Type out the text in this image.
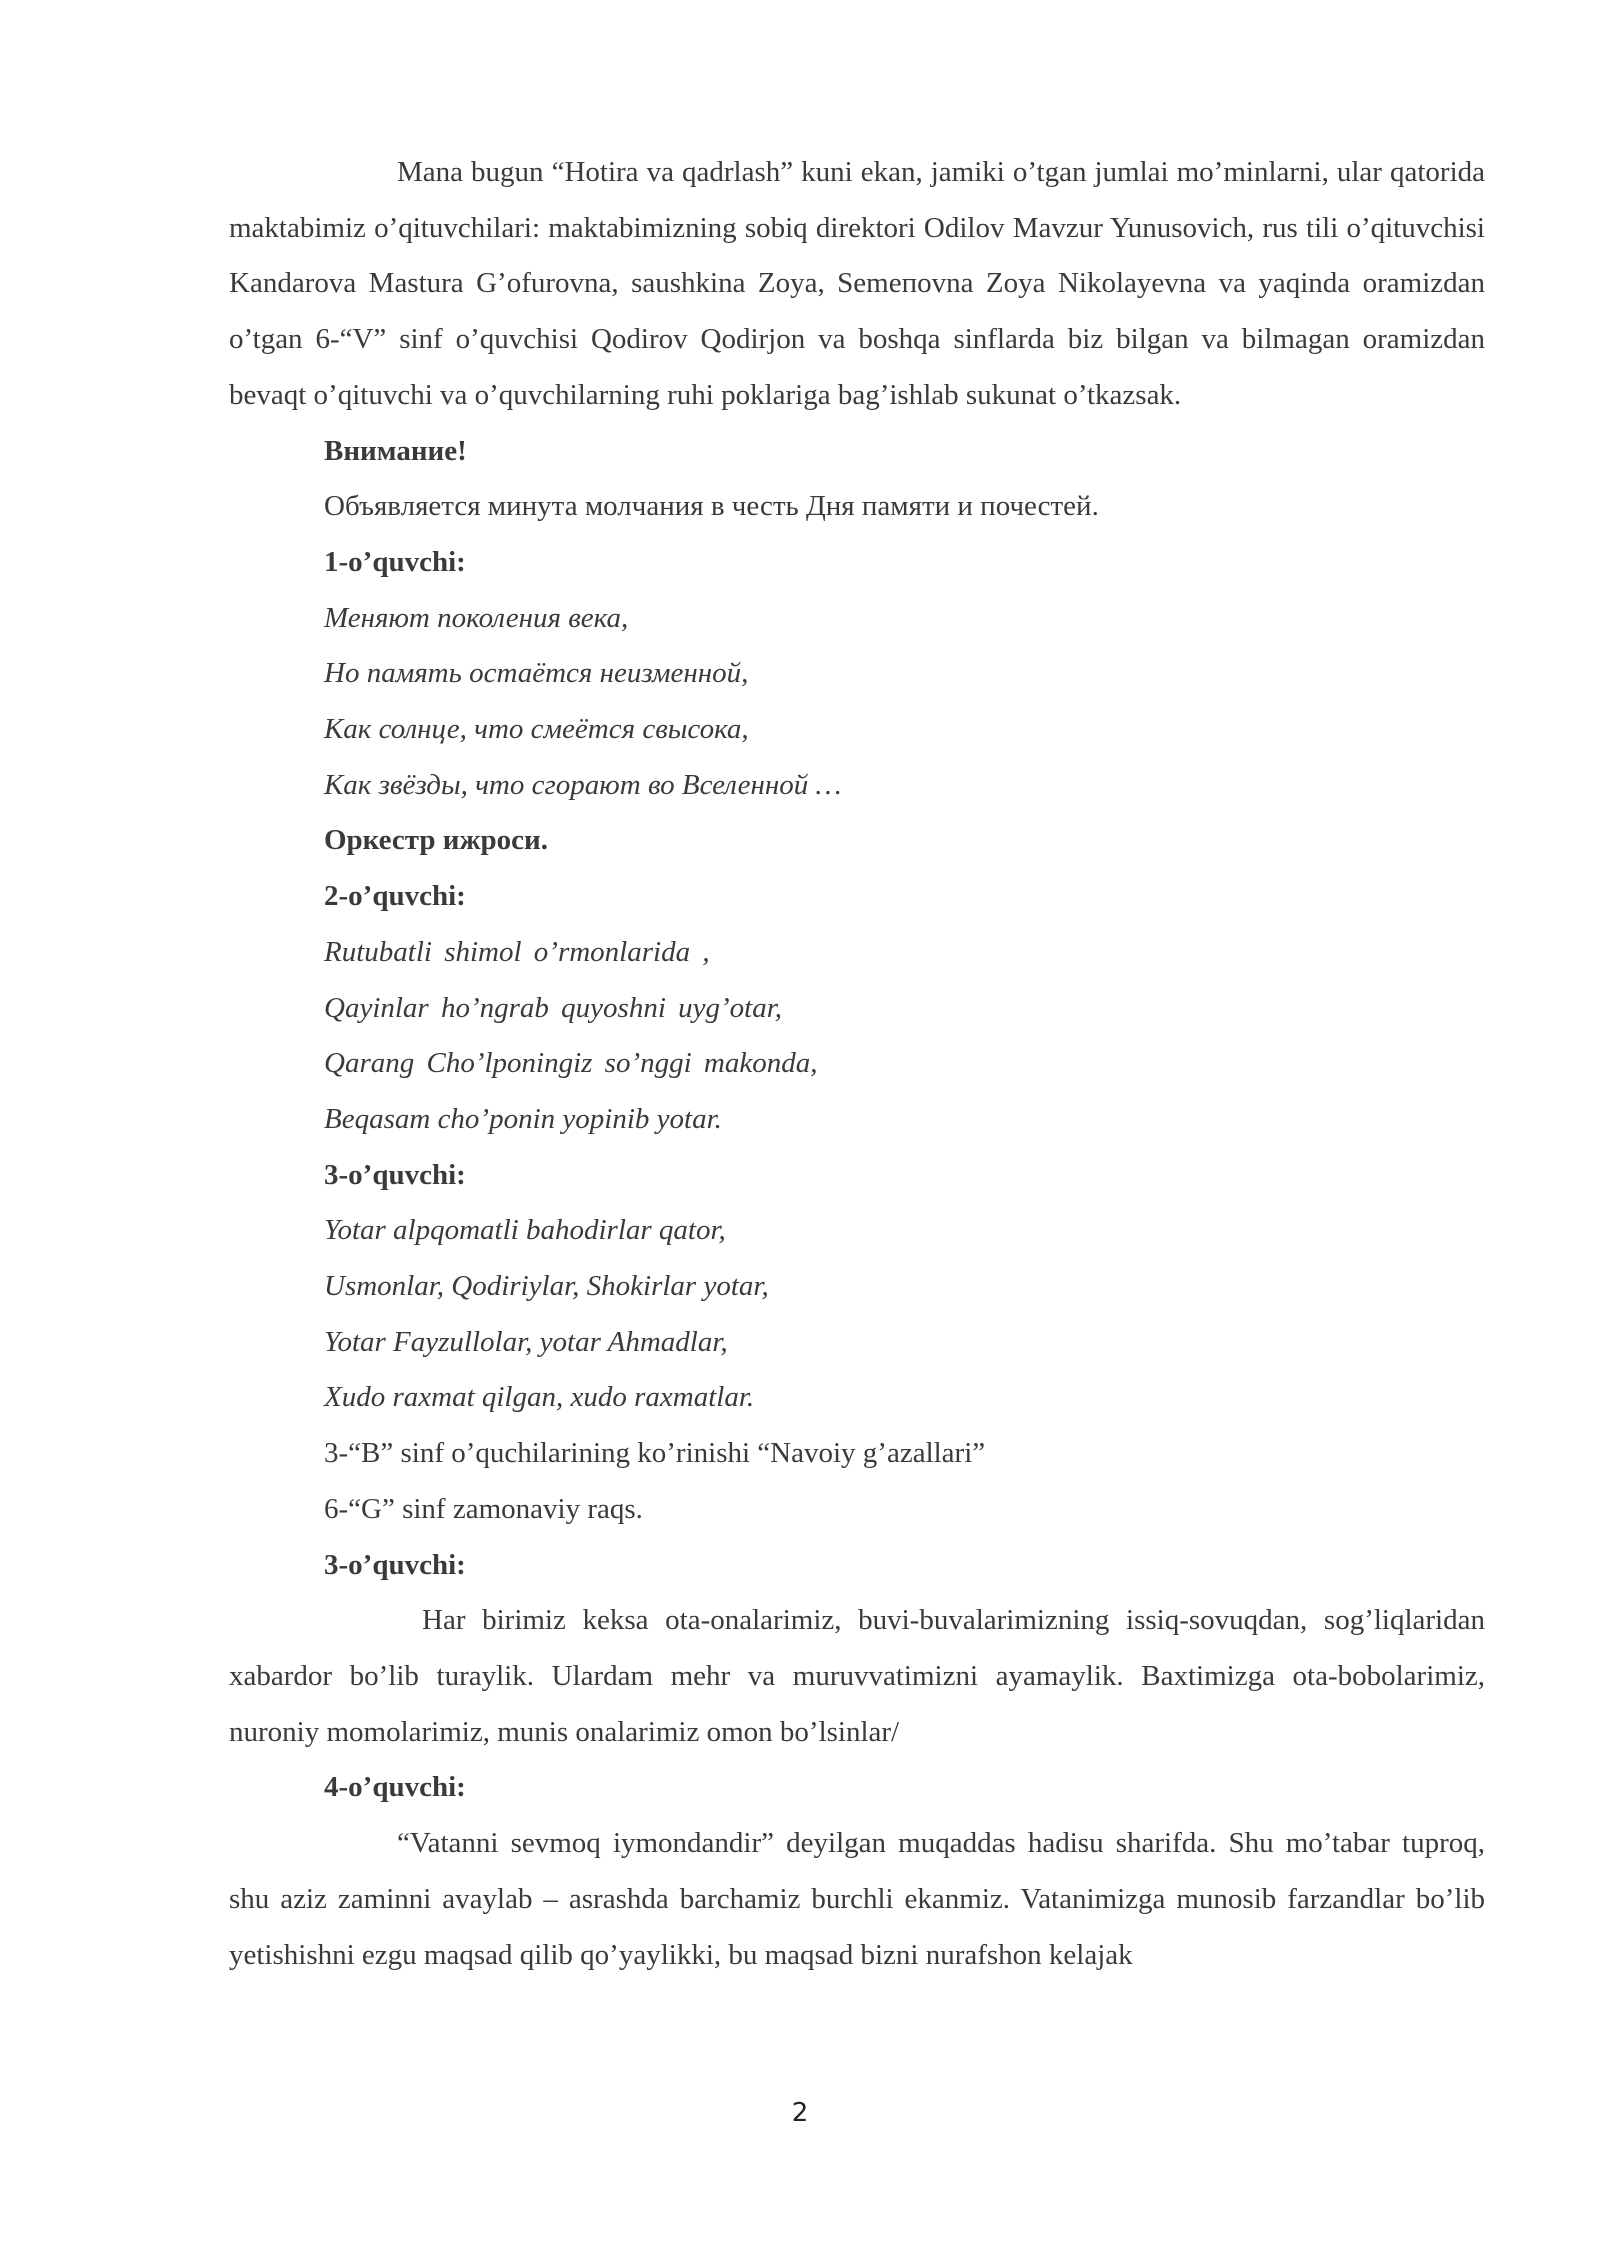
Mana bugun “Hotira va qadrlash” kuni ekan, jamiki o’tgan jumlai mo’minlarni, ular qatorida maktabimiz o’qituvchilari: maktabimizning sobiq direktori Odilov Mavzur Yunusovich, rus tili o’qituvchisi Kandarova Mastura G’ofurovna, saushkina Zoya, Semeпovna Zoya Nikolayevna va yaqinda oramizdan o’tgan 6-“V” sinf o’quvchisi Qodirov Qodirjon va boshqa sinflarda biz bilgan va bilmagan oramizdan bevaqt o’qituvchi va o’quvchilarning ruhi poklariga bag’ishlab sukunat o’tkazsak.

Внимание!

Объявляется минута молчания в честь Дня памяти и почестей.

1-o’quvchi:

Меняют поколения века,

Но память остаётся неизменной,

Как солнце, что смеётся свысока,

Как звёзды, что сгорают во Вселенной …

Оркестр ижроси.

2-o’quvchi:

Rutubatli shimol o’rmonlarida ,

Qayinlar ho’ngrab quyoshni uyg’otar,

Qarang Cho’lponingiz so’nggi makonda,

Beqasam cho’ponin yopinib yotar.

3-o’quvchi:

Yotar alpqomatli bahodirlar qator,

Usmonlar, Qodiriylar, Shokirlar yotar,

Yotar Fayzullolar, yotar Ahmadlar,

Xudo raxmat qilgan, xudo raxmatlar.

3-“B” sinf o’quchilarining ko’rinishi “Navoiy g’azallari”

6-“G” sinf zamonaviy raqs.

3-o’quvchi:

Har birimiz keksa ota-onalarimiz, buvi-buvalarimizning issiq-sovuqdan, sog’liqlaridan xabardor bo’lib turaylik. Ulardam mehr va muruvvatimizni ayamaylik. Baxtimizga ota-bobolarimiz, nuroniy momolarimiz, munis onalarimiz omon bo’lsinlar/

4-o’quvchi:

“Vatanni sevmoq iymondandir” deyilgan muqaddas hadisu sharifda. Shu mo’tabar tuproq, shu aziz zaminni avaylab – asrashda barchamiz burchli ekanmiz. Vatanimizga munosib farzandlar bo’lib yetishishni ezgu maqsad qilib qo’yaylikki, bu maqsad bizni nurafshon kelajak

2
